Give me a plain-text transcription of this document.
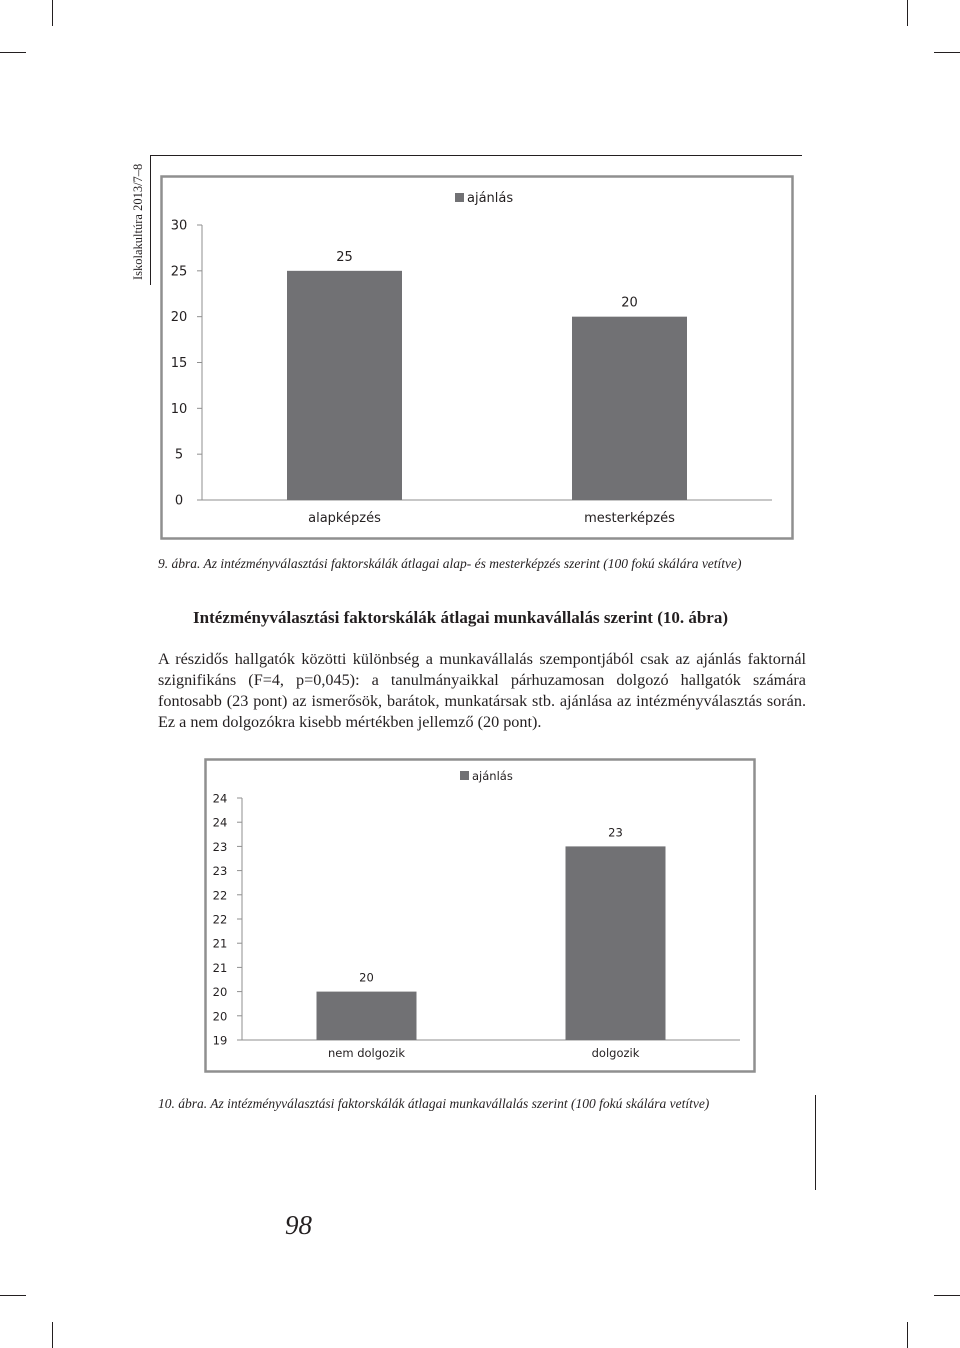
Iskolakultúra 2013/7–8
0
5
10
15
20
25
30
25
alapképzés
20
mesterképzés
ajánlás
9. ábra. Az intézményválasztási faktorskálák átlagai alap- és mesterképzés szerint (100 fokú skálára vetítve)
Intézményválasztási faktorskálák átlagai munkavállalás szerint (10. ábra)

A részidős hallgatók közötti különbség a munkavállalás szempontjából csak az ajánlás faktornál szignifikáns (F=4, p=0,045): a tanulmányaikkal párhuzamosan dolgozó hallgatók számára fontosabb (23 pont) az ismerősök, barátok, munkatársak stb. ajánlása az intézményválasztás során. Ez a nem dolgozókra kisebb mértékben jellemző (20 pont).

19
20
20
21
21
22
22
23
23
24
24
20
nem dolgozik
23
dolgozik
ajánlás
10. ábra. Az intézményválasztási faktorskálák átlagai munkavállalás szerint (100 fokú skálára vetítve)
98
